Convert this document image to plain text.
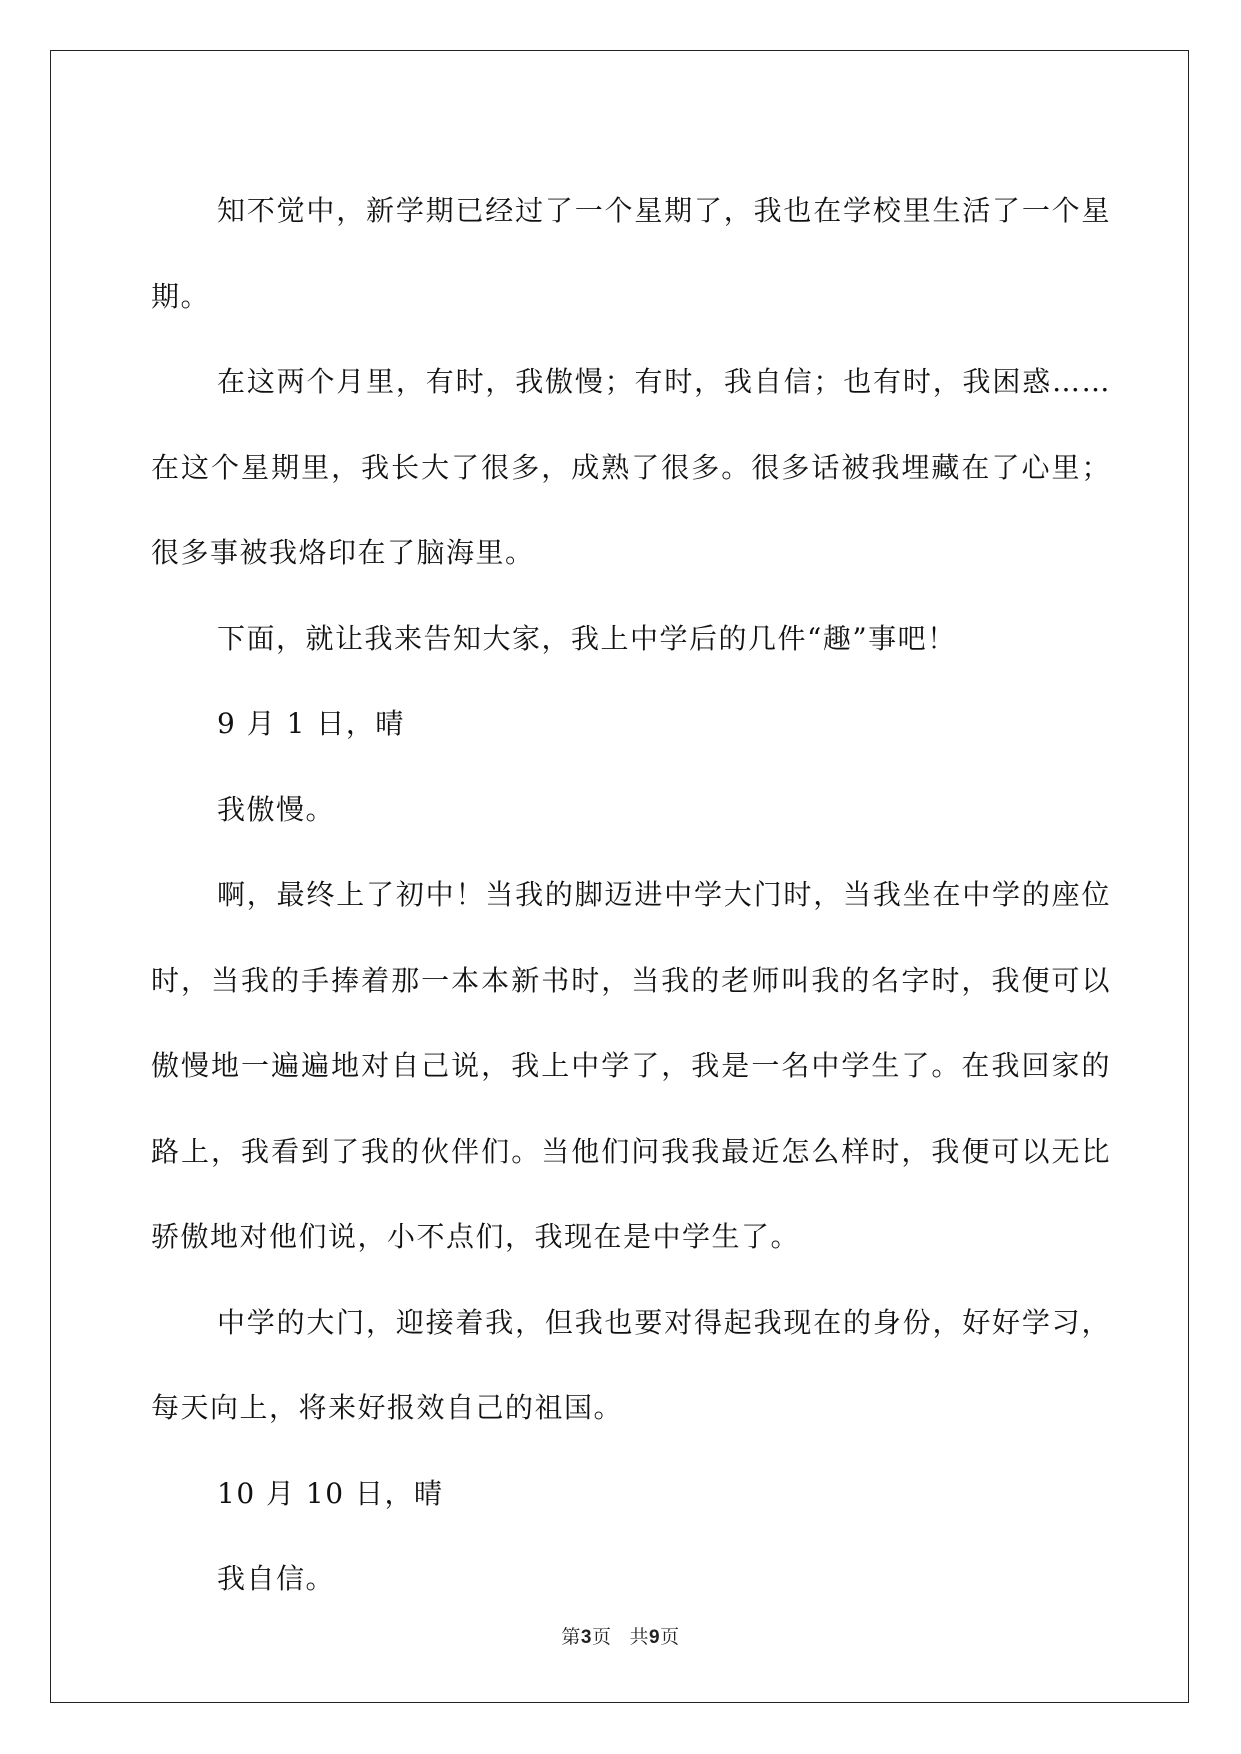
知不觉中，新学期已经过了一个星期了，我也在学校里生活了一个星期。

在这两个月里，有时，我傲慢；有时，我自信；也有时，我困惑……在这个星期里，我长大了很多，成熟了很多。很多话被我埋藏在了心里；很多事被我烙印在了脑海里。

下面，就让我来告知大家，我上中学后的几件“趣”事吧！

9 月 1 日，晴

我傲慢。

啊，最终上了初中！当我的脚迈进中学大门时，当我坐在中学的座位时，当我的手捧着那一本本新书时，当我的老师叫我的名字时，我便可以傲慢地一遍遍地对自己说，我上中学了，我是一名中学生了。在我回家的路上，我看到了我的伙伴们。当他们问我我最近怎么样时，我便可以无比骄傲地对他们说，小不点们，我现在是中学生了。

中学的大门，迎接着我，但我也要对得起我现在的身份，好好学习，每天向上，将来好报效自己的祖国。

10 月 10 日，晴

我自信。

第3页 共9页
